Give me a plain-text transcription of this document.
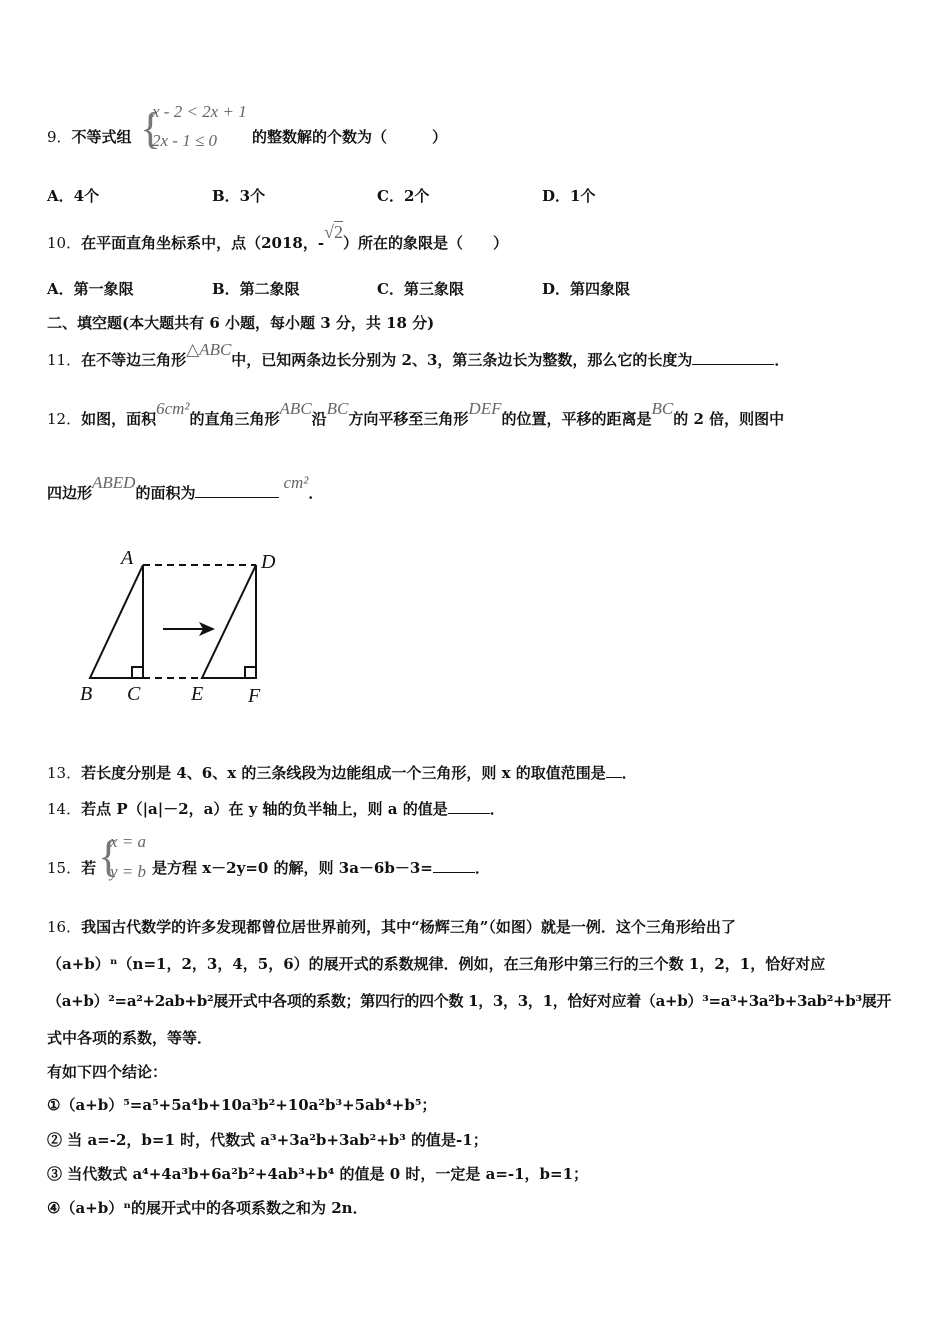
9．不等式组 {
x - 2 < 2x + 1
2x - 1 ≤ 0 的整数解的个数为（　　　）
A．4个	B．3个	C．2个	D．1个
10．在平面直角坐标系中，点（2018，-√2）所在的象限是（　　）
A．第一象限	B．第二象限	C．第三象限	D．第四象限
二、填空题(本大题共有 6 小题，每小题 3 分，共 18 分)
11．在不等边三角形△ABC中，已知两条边长分别为 2、3，第三条边长为整数，那么它的长度为	．
12．如图，面积6cm²的直角三角形ABC沿BC方向平移至三角形DEF的位置，平移的距离是BC的 2 倍，则图中
四边形ABED的面积为cm²．
A	D
B C	E F
13．若长度分别是 4、6、x 的三条线段为边能组成一个三角形，则 x 的取值范围是 ．
14．若点 P（|a|－2，a）在 y 轴的负半轴上，则 a 的值是	．
15．若 {
x = a
y = b 是方程 x－2y=0 的解，则 3a－6b－3=	．
16．我国古代数学的许多发现都曾位居世界前列，其中“杨辉三角”（如图）就是一例．这个三角形给出了
（a+b）ⁿ（n=1，2，3，4，5，6）的展开式的系数规律．例如，在三角形中第三行的三个数 1，2，1，恰好对应
（a+b）²=a²+2ab+b²展开式中各项的系数；第四行的四个数 1，3，3，1，恰好对应着（a+b）³=a³+3a²b+3ab²+b³展开
式中各项的系数，等等．
有如下四个结论：
①（a+b）⁵=a⁵+5a⁴b+10a³b²+10a²b³+5ab⁴+b⁵；
② 当 a=-2，b=1 时，代数式 a³+3a²b+3ab²+b³ 的值是-1；
③ 当代数式 a⁴+4a³b+6a²b²+4ab³+b⁴ 的值是 0 时，一定是 a=-1，b=1；
④（a+b）ⁿ的展开式中的各项系数之和为 2n．
